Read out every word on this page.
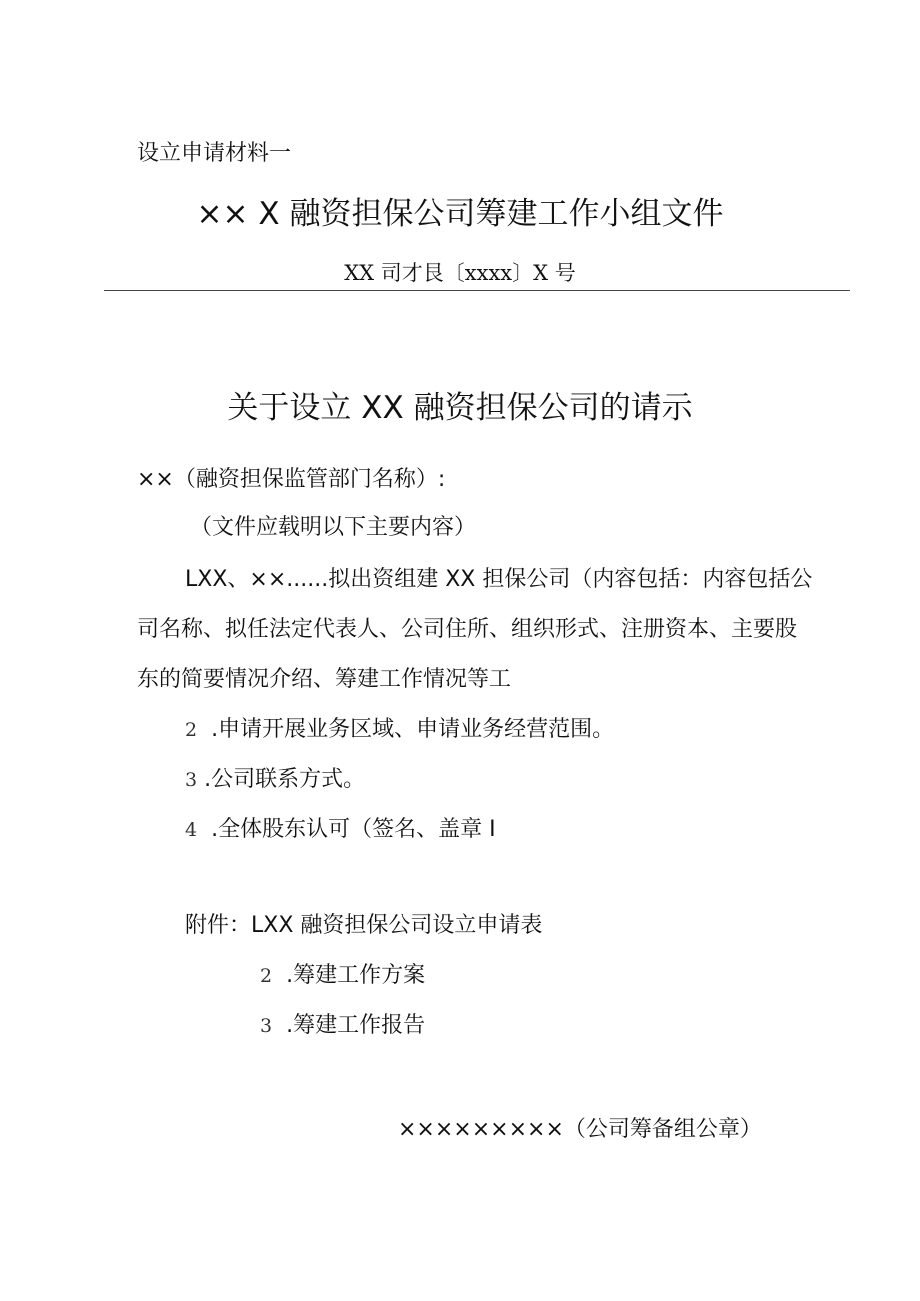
设立申请材料一
×× X 融资担保公司筹建工作小组文件
XX 司才艮〔xxxx〕X 号
关于设立 XX 融资担保公司的请示
××（融资担保监管部门名称）:
（文件应载明以下主要内容）
LXX、××......拟出资组建 XX 担保公司（内容包括：内容包括公
司名称、拟任法定代表人、公司住所、组织形式、注册资本、主要股
东的简要情况介绍、筹建工作情况等工
2 .申请开展业务区域、申请业务经营范围。
3 .公司联系方式。
4 .全体股东认可（签名、盖章 I
附件：LXX 融资担保公司设立申请表
2 .筹建工作方案
3 .筹建工作报告
×××××××××（公司筹备组公章）
